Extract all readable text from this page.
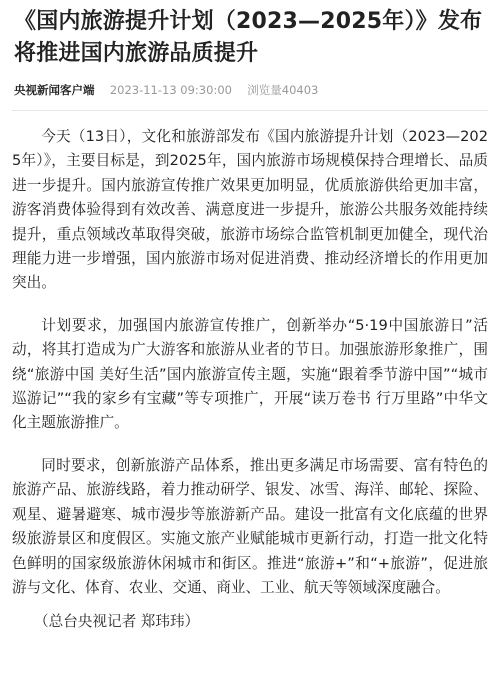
《国内旅游提升计划（2023—2025年）》发布 将推进国内旅游品质提升
央视新闻客户端 2023-11-13 09:30:00 浏览量40403

今天（13日），文化和旅游部发布《国内旅游提升计划（2023—2025年）》，主要目标是，到2025年，国内旅游市场规模保持合理增长、品质进一步提升。国内旅游宣传推广效果更加明显，优质旅游供给更加丰富，游客消费体验得到有效改善、满意度进一步提升，旅游公共服务效能持续提升，重点领域改革取得突破，旅游市场综合监管机制更加健全，现代治理能力进一步增强，国内旅游市场对促进消费、推动经济增长的作用更加突出。

计划要求，加强国内旅游宣传推广，创新举办“5·19中国旅游日”活动，将其打造成为广大游客和旅游从业者的节日。加强旅游形象推广，围绕“旅游中国 美好生活”国内旅游宣传主题，实施“跟着季节游中国”“城市巡游记”“我的家乡有宝藏”等专项推广，开展“读万卷书 行万里路”中华文化主题旅游推广。

同时要求，创新旅游产品体系，推出更多满足市场需要、富有特色的旅游产品、旅游线路，着力推动研学、银发、冰雪、海洋、邮轮、探险、观星、避暑避寒、城市漫步等旅游新产品。建设一批富有文化底蕴的世界级旅游景区和度假区。实施文旅产业赋能城市更新行动，打造一批文化特色鲜明的国家级旅游休闲城市和街区。推进“旅游+”和“+旅游”，促进旅游与文化、体育、农业、交通、商业、工业、航天等领域深度融合。

（总台央视记者 郑玮玮）
